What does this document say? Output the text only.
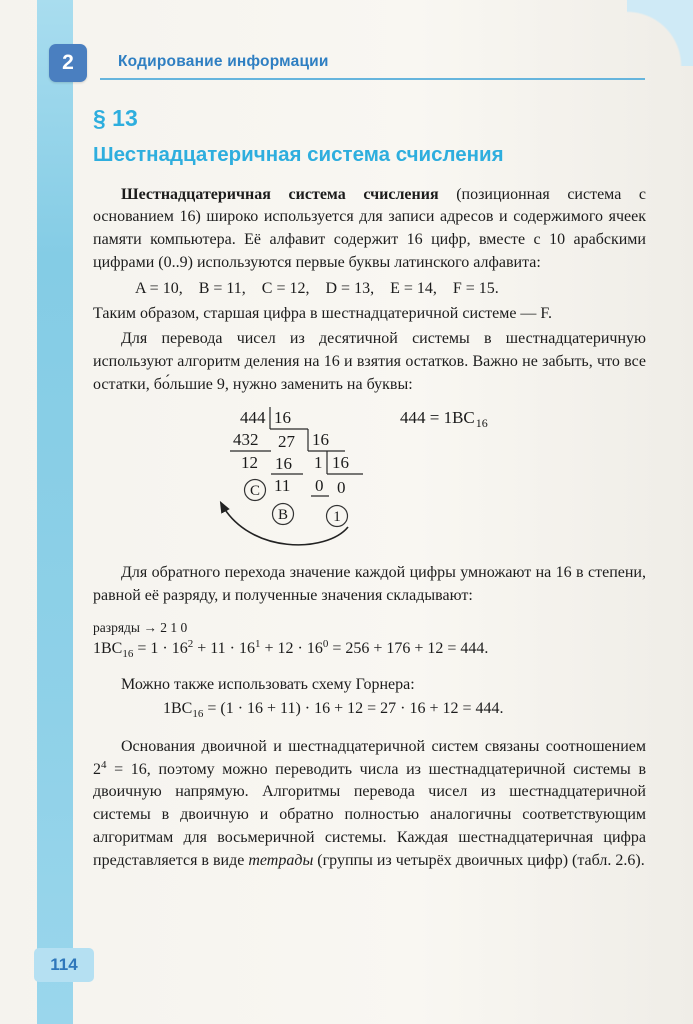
2	Кодирование информации
§ 13
Шестнадцатеричная система счисления

Шестнадцатеричная система счисления (позиционная система с основанием 16) широко используется для записи адресов и содержимого ячеек памяти компьютера. Её алфавит содержит 16 цифр, вместе с 10 арабскими цифрами (0..9) используются первые буквы латинского алфавита:

A = 10,    B = 11,    C = 12,    D = 13,    E = 14,    F = 15.

Таким образом, старшая цифра в шестнадцатеричной системе — F.

Для перевода чисел из десятичной системы в шестнадцатеричную используют алгоритм деления на 16 и взятия остатков. Важно не забыть, что все остатки, бо́льшие 9, нужно заменить на буквы:

444 16
432 27 16
12 16 1 16
11 0 0
C
B	1
$444 = 1BC_{16}$

Для обратного перехода значение каждой цифры умножают на 16 в степени, равной её разряду, и полученные значения складывают:

разряды → 2 1 0

$1BC_{16} = 1 \cdot 16^2 + 11 \cdot 16^1 + 12 \cdot 16^0 = 256 + 176 + 12 = 444$.

Можно также использовать схему Горнера:

$1BC_{16} = (1 \cdot 16 + 11) \cdot 16 + 12 = 27 \cdot 16 + 12 = 444$.

Основания двоичной и шестнадцатеричной систем связаны соотношением $2^4 = 16$, поэтому можно переводить числа из шестнадцатеричной системы в двоичную напрямую. Алгоритмы перевода чисел из шестнадцатеричной системы в двоичную и обратно полностью аналогичны соответствующим алгоритмам для восьмеричной системы. Каждая шестнадцатеричная цифра представляется в виде тетрады (группы из четырёх двоичных цифр) (табл. 2.6).

114
